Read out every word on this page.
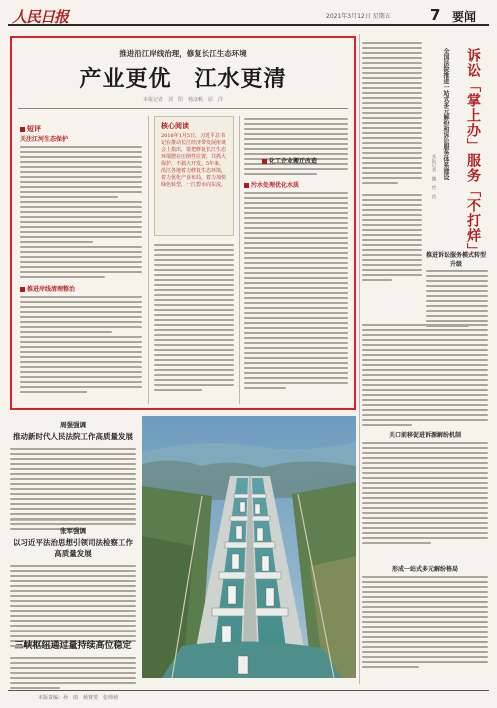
人民日报	2021年3月12日 星期五	7 要闻
推进沿江岸线治理，修复长江生态环境
产业更优　江水更清
本报记者　刘　阳　杨彦帆　原　洋
短评
关注江河生态保护
推进岸线清理整治
核心阅读
2016年1月5日，习近平总书记在推动长江经济带发展座谈会上指出，要把修复长江生态环境摆在压倒性位置，共抓大保护、不搞大开发。5年来，沿江各地着力修复生态环境，着力优化产业布局，着力加快绿色转型，一江碧水向东流。	污水处理优化水质
全国法院推进一站式多元解纷和诉讼服务体系建设	诉讼「掌上办」服务「不打烊」
本报记者　魏　哲　哲
推进诉讼服务模式转型升级
关口前移促进诉源解纷机制
形成一站式多元解纷格局
化工企业搬迁改造
周强强调
推动新时代人民法院工作高质量发展
张军强调
以习近平法治思想引领司法检察工作高质量发展
三峡枢纽通过量持续高位稳定
本版责编：孙　雨　杨赛斐　张帅祯
